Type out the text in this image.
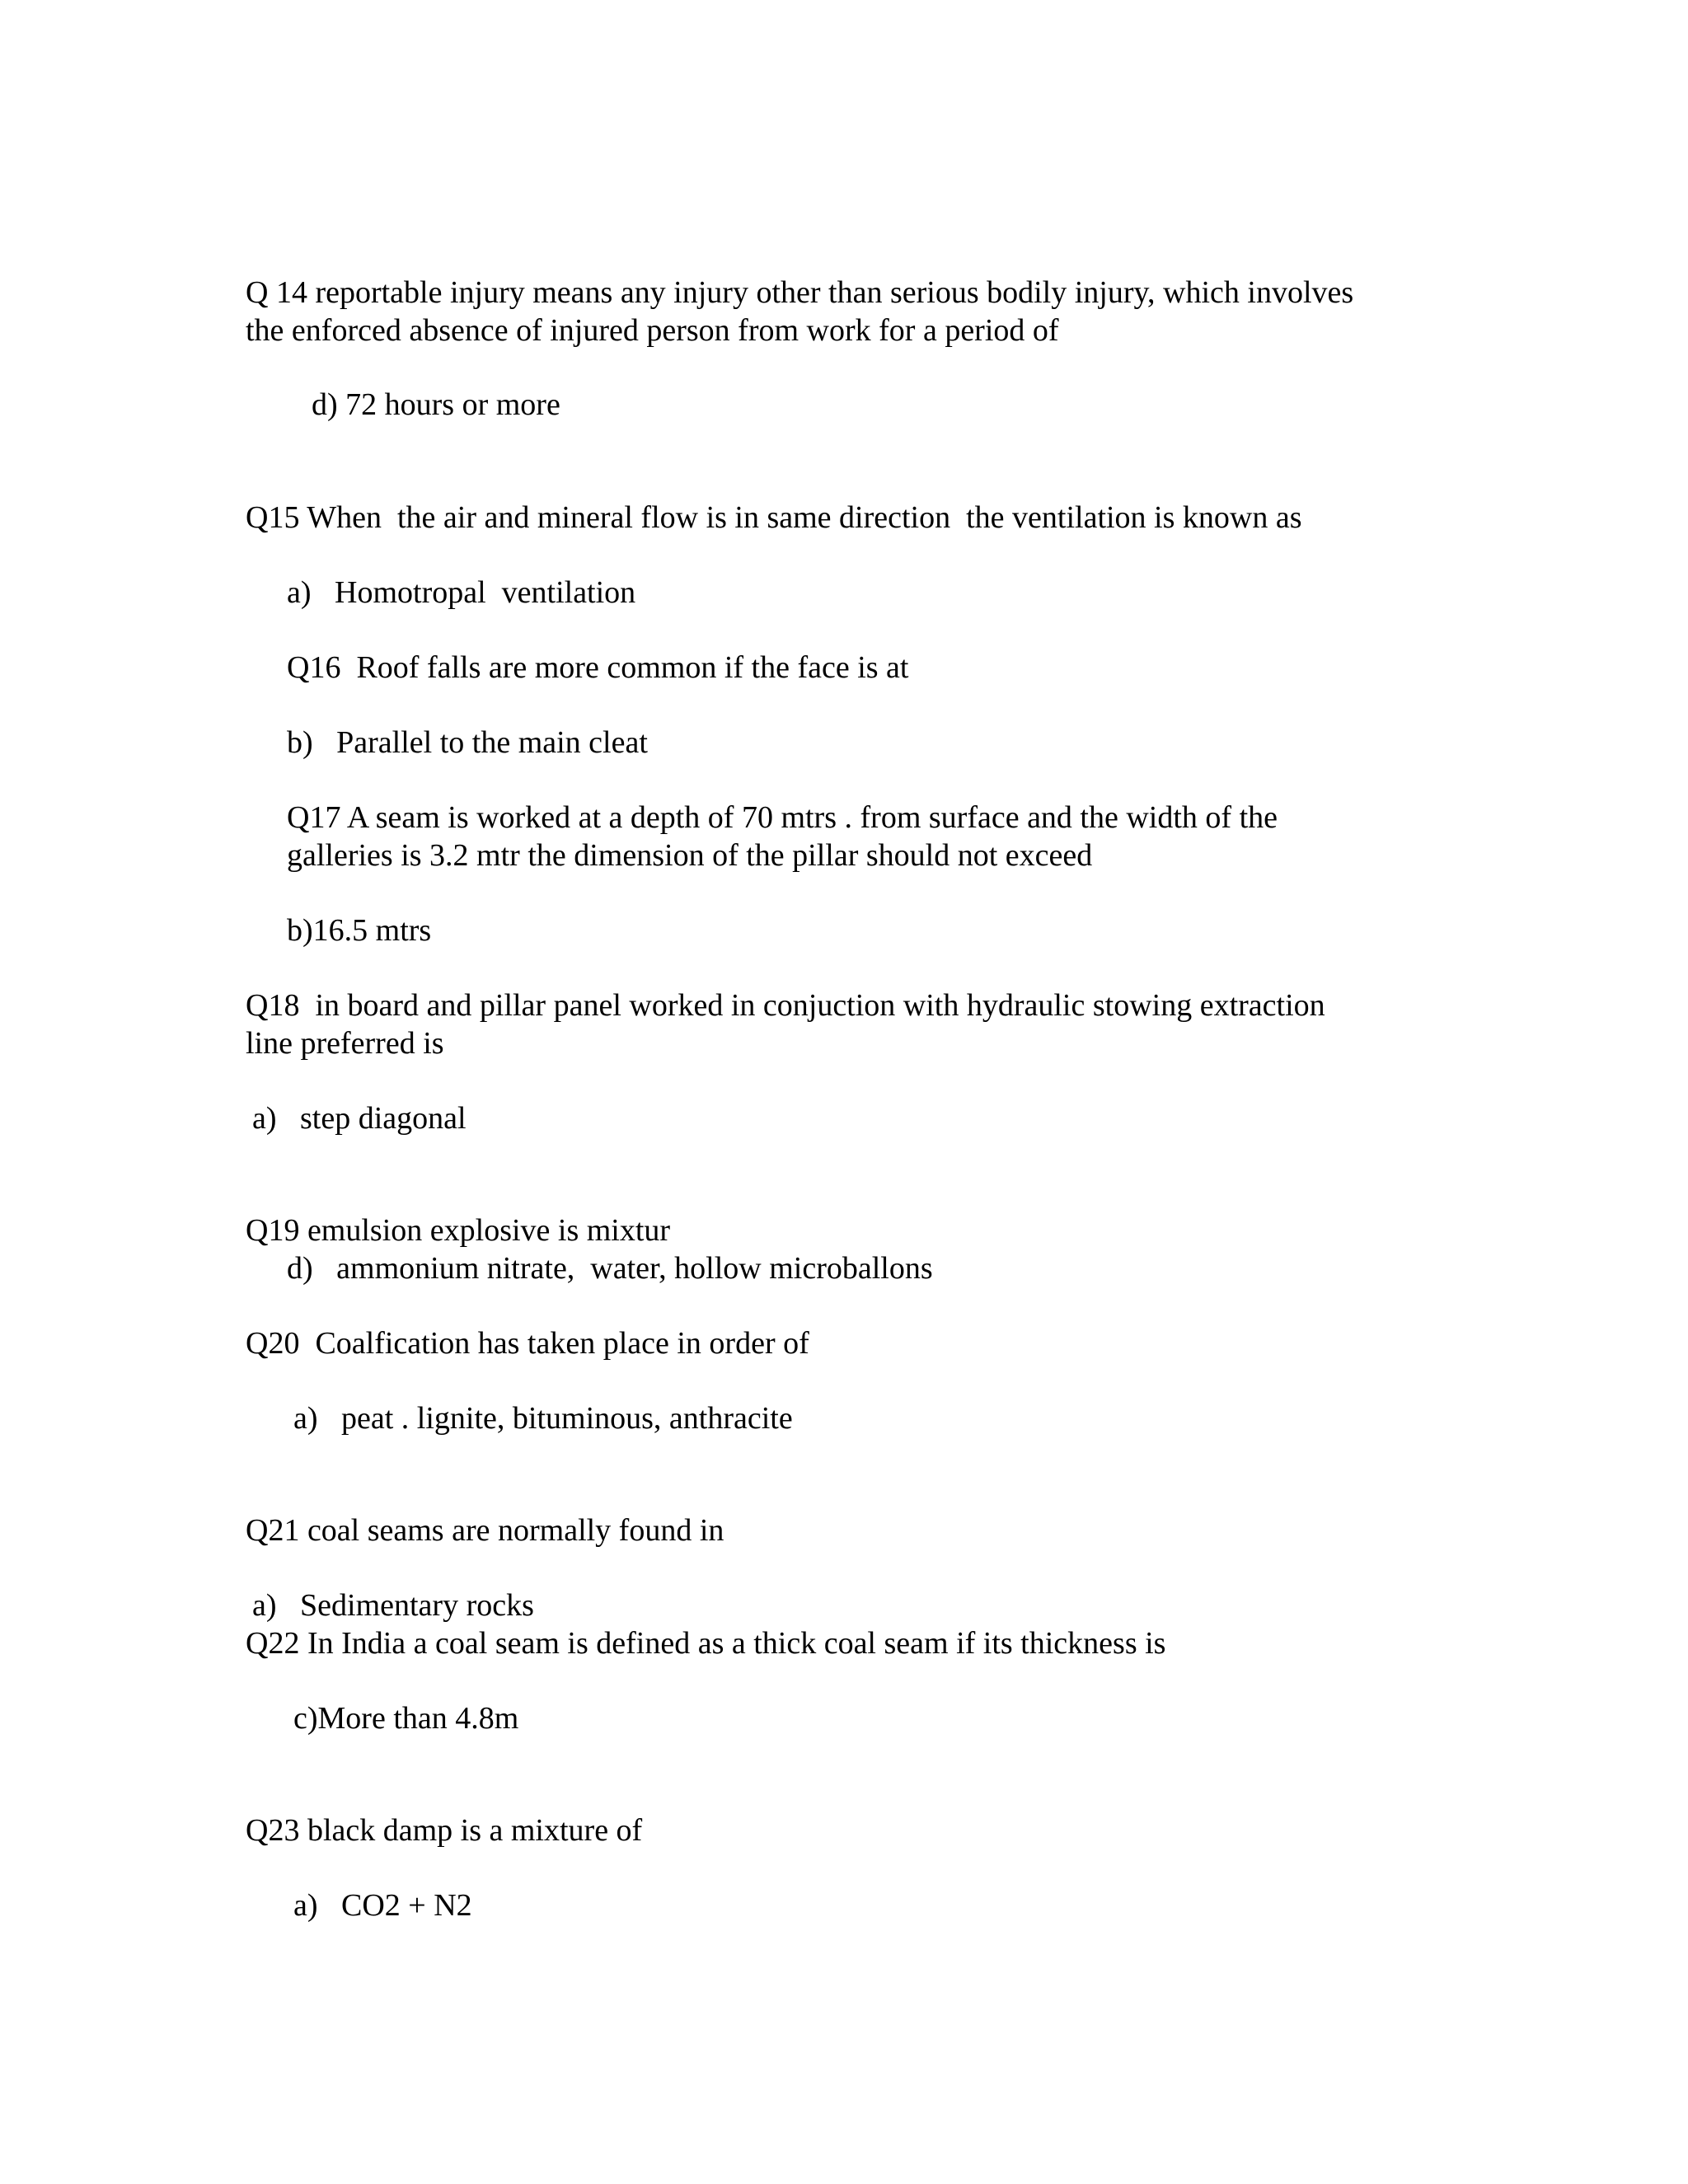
Q 14 reportable injury means any injury other than serious bodily injury, which involves

the enforced absence of injured person from work for a period of

d) 72 hours or more

Q15 When  the air and mineral flow is in same direction  the ventilation is known as

a)   Homotropal  ventilation

Q16  Roof falls are more common if the face is at

b)   Parallel to the main cleat

Q17 A seam is worked at a depth of 70 mtrs . from surface and the width of the

galleries is 3.2 mtr the dimension of the pillar should not exceed

b)16.5 mtrs

Q18  in board and pillar panel worked in conjuction with hydraulic stowing extraction

line preferred is

a)   step diagonal

Q19 emulsion explosive is mixtur

d)   ammonium nitrate,  water, hollow microballons

Q20  Coalfication has taken place in order of

a)   peat . lignite, bituminous, anthracite

Q21 coal seams are normally found in

a)   Sedimentary rocks

Q22 In India a coal seam is defined as a thick coal seam if its thickness is

c)More than 4.8m

Q23 black damp is a mixture of

a)   CO2 + N2
